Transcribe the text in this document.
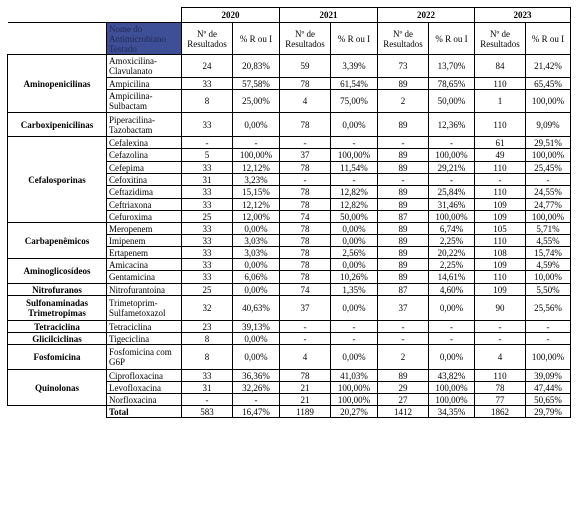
		2020		2021		2022		2023	
	Nome do Antimicrobiano Testado	Nº de Resultados	% R ou I	Nº de Resultados	% R ou I	Nº de Resultados	% R ou I	Nº de Resultados	% R ou I
Aminopenicilinas	Amoxicilina-Clavulanato	24	20,83%	59	3,39%	73	13,70%	84	21,42%
	Ampicilina	33	57,58%	78	61,54%	89	78,65%	110	65,45%
	Ampicilina-Sulbactam	8	25,00%	4	75,00%	2	50,00%	1	100,00%
Carboxipenicilinas	Piperacilina-Tazobactam	33	0,00%	78	0,00%	89	12,36%	110	9,09%
Cefalosporinas	Cefalexina	-	-	-	-	-	-	61	29,51%
	Cefazolina	5	100,00%	37	100,00%	89	100,00%	49	100,00%
	Cefepima	33	12,12%	78	11,54%	89	29,21%	110	25,45%
	Cefoxitina	31	3,23%	-	-	-	-	-	-
	Ceftazidima	33	15,15%	78	12,82%	89	25,84%	110	24,55%
	Ceftriaxona	33	12,12%	78	12,82%	89	31,46%	109	24,77%
	Cefuroxima	25	12,00%	74	50,00%	87	100,00%	109	100,00%
Carbapenêmicos	Meropenem	33	0,00%	78	0,00%	89	6,74%	105	5,71%
	Imipenem	33	3,03%	78	0,00%	89	2,25%	110	4,55%
	Ertapenem	33	3,03%	78	2,56%	89	20,22%	108	15,74%
Aminoglicosídeos	Amicacina	33	0,00%	78	0,00%	89	2,25%	109	4,59%
	Gentamicina	33	6,06%	78	10,26%	89	14,61%	110	10,00%
Nitrofuranos	Nitrofurantoína	25	0,00%	74	1,35%	87	4,60%	109	5,50%
Sulfonaminadas Trimetropimas	Trimetoprim-Sulfametoxazol	32	40,63%	37	0,00%	37	0,00%	90	25,56%
Tetraciclina	Tetraciclina	23	39,13%	-	-	-	-	-	-
Glicilciclinas	Tigeciclina	8	0,00%	-	-	-	-	-	-
Fosfomicina	Fosfomicina com G6P	8	0,00%	4	0,00%	2	0,00%	4	100,00%
Quinolonas	Ciprofloxacina	33	36,36%	78	41,03%	89	43,82%	110	39,09%
	Levofloxacina	31	32,26%	21	100,00%	29	100,00%	78	47,44%
	Norfloxacina	-	-	21	100,00%	27	100,00%	77	50,65%
	Total	583	16,47%	1189	20,27%	1412	34,35%	1862	29,79%
